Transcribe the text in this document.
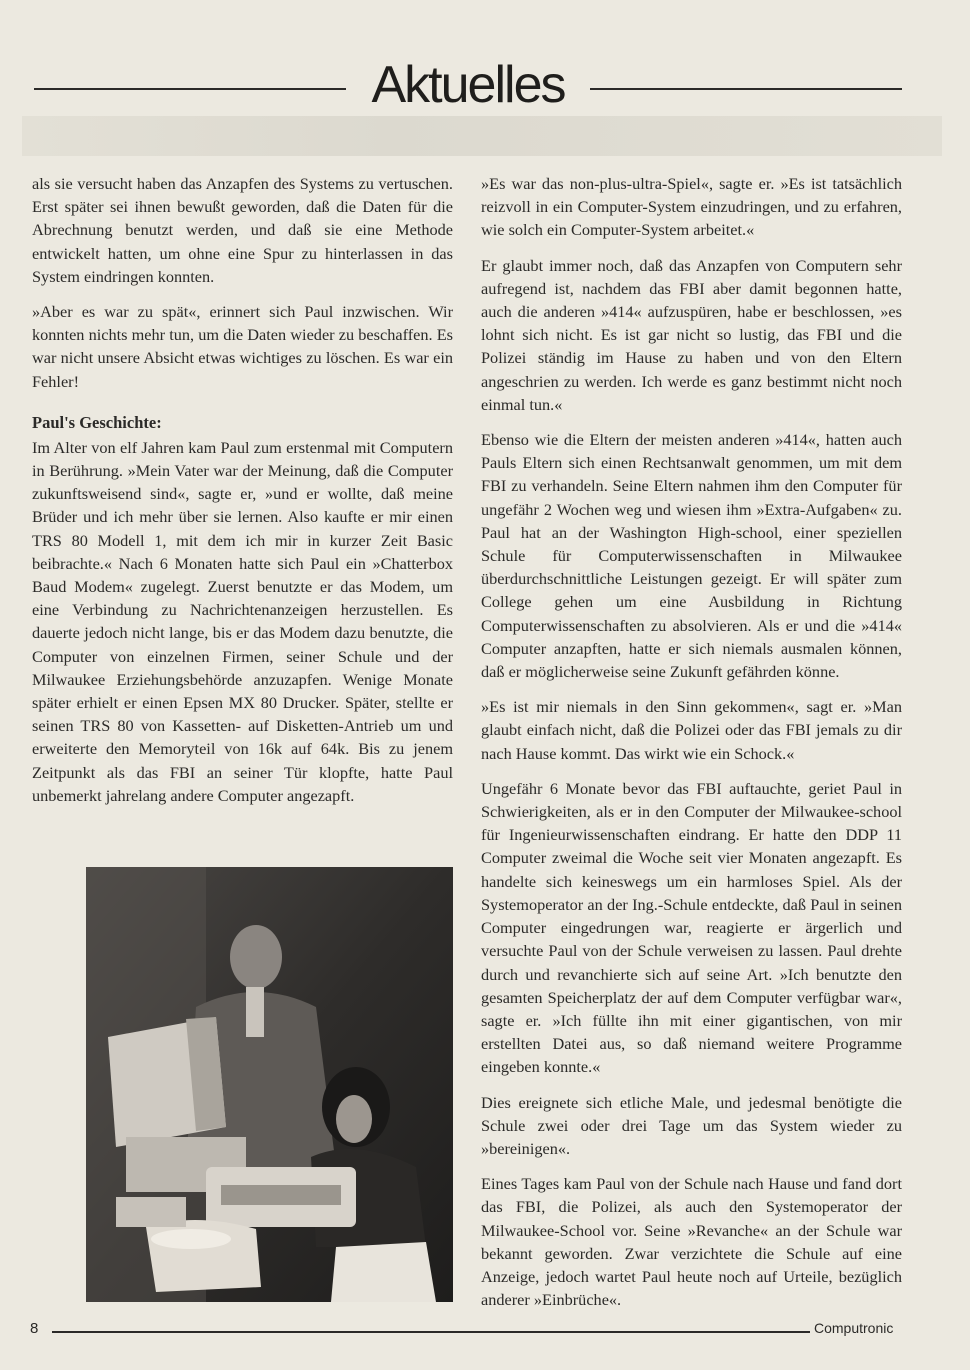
Aktuelles

als sie versucht haben das Anzapfen des Systems zu vertuschen. Erst später sei ihnen bewußt geworden, daß die Daten für die Abrechnung benutzt werden, und daß sie eine Methode entwickelt hatten, um ohne eine Spur zu hinterlassen in das System eindringen konnten.

»Aber es war zu spät«, erinnert sich Paul inzwischen. Wir konnten nichts mehr tun, um die Daten wieder zu beschaffen. Es war nicht unsere Absicht etwas wichtiges zu löschen. Es war ein Fehler!

Paul's Geschichte:

Im Alter von elf Jahren kam Paul zum erstenmal mit Computern in Berührung. »Mein Vater war der Meinung, daß die Computer zukunftsweisend sind«, sagte er, »und er wollte, daß meine Brüder und ich mehr über sie lernen. Also kaufte er mir einen TRS 80 Modell 1, mit dem ich mir in kurzer Zeit Basic beibrachte.« Nach 6 Monaten hatte sich Paul ein »Chatterbox Baud Modem« zugelegt. Zuerst benutzte er das Modem, um eine Verbindung zu Nachrichtenanzeigen herzustellen. Es dauerte jedoch nicht lange, bis er das Modem dazu benutzte, die Computer von einzelnen Firmen, seiner Schule und der Milwaukee Erziehungsbehörde anzuzapfen. Wenige Monate später erhielt er einen Epsen MX 80 Drucker. Später, stellte er seinen TRS 80 von Kassetten- auf Disketten-Antrieb um und erweiterte den Memoryteil von 16k auf 64k. Bis zu jenem Zeitpunkt als das FBI an seiner Tür klopfte, hatte Paul unbemerkt jahrelang andere Computer angezapft.

»Es war das non-plus-ultra-Spiel«, sagte er. »Es ist tatsächlich reizvoll in ein Computer-System einzudringen, und zu erfahren, wie solch ein Computer-System arbeitet.«

Er glaubt immer noch, daß das Anzapfen von Computern sehr aufregend ist, nachdem das FBI aber damit begonnen hatte, auch die anderen »414« aufzuspüren, habe er beschlossen, »es lohnt sich nicht. Es ist gar nicht so lustig, das FBI und die Polizei ständig im Hause zu haben und von den Eltern angeschrien zu werden. Ich werde es ganz bestimmt nicht noch einmal tun.«

Ebenso wie die Eltern der meisten anderen »414«, hatten auch Pauls Eltern sich einen Rechtsanwalt genommen, um mit dem FBI zu verhandeln. Seine Eltern nahmen ihm den Computer für ungefähr 2 Wochen weg und wiesen ihm »Extra-Aufgaben« zu. Paul hat an der Washington High-school, einer speziellen Schule für Computerwissenschaften in Milwaukee überdurchschnittliche Leistungen gezeigt. Er will später zum College gehen um eine Ausbildung in Richtung Computerwissenschaften zu absolvieren. Als er und die »414« Computer anzapften, hatte er sich niemals ausmalen können, daß er möglicherweise seine Zukunft gefährden könne.

»Es ist mir niemals in den Sinn gekommen«, sagt er. »Man glaubt einfach nicht, daß die Polizei oder das FBI jemals zu dir nach Hause kommt. Das wirkt wie ein Schock.«

Ungefähr 6 Monate bevor das FBI auftauchte, geriet Paul in Schwierigkeiten, als er in den Computer der Milwaukee-school für Ingenieurwissenschaften eindrang. Er hatte den DDP 11 Computer zweimal die Woche seit vier Monaten angezapft. Es handelte sich keineswegs um ein harmloses Spiel. Als der Systemoperator an der Ing.-Schule entdeckte, daß Paul in seinen Computer eingedrungen war, reagierte er ärgerlich und versuchte Paul von der Schule verweisen zu lassen. Paul drehte durch und revanchierte sich auf seine Art. »Ich benutzte den gesamten Speicherplatz der auf dem Computer verfügbar war«, sagte er. »Ich füllte ihn mit einer gigantischen, von mir erstellten Datei aus, so daß niemand weitere Programme eingeben konnte.«

Dies ereignete sich etliche Male, und jedesmal benötigte die Schule zwei oder drei Tage um das System wieder zu »bereinigen«.

Eines Tages kam Paul von der Schule nach Hause und fand dort das FBI, die Polizei, als auch den Systemoperator der Milwaukee-School vor. Seine »Revanche« an der Schule war bekannt geworden. Zwar verzichtete die Schule auf eine Anzeige, jedoch wartet Paul heute noch auf Urteile, bezüglich anderer »Einbrüche«.

8	Computronic
